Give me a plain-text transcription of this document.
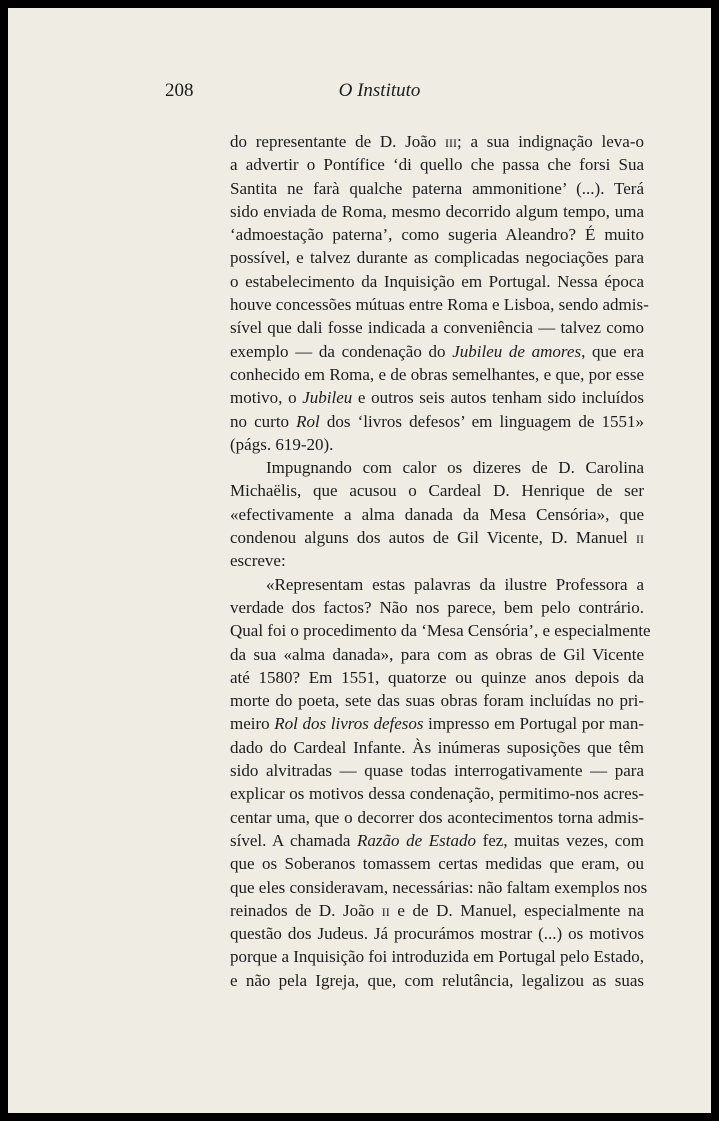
208	O Instituto

do representante de D. João iii; a sua indignação leva-o
a advertir o Pontífice ‘di quello che passa che forsi Sua
Santita ne farà qualche paterna ammonitione’ (...). Terá
sido enviada de Roma, mesmo decorrido algum tempo, uma
‘admoestação paterna’, como sugeria Aleandro? É muito
possível, e talvez durante as complicadas negociações para
o estabelecimento da Inquisição em Portugal. Nessa época
houve concessões mútuas entre Roma e Lisboa, sendo admis-
sível que dali fosse indicada a conveniência — talvez como
exemplo — da condenação do Jubileu de amores, que era
conhecido em Roma, e de obras semelhantes, e que, por esse
motivo, o Jubileu e outros seis autos tenham sido incluídos
no curto Rol dos ‘livros defesos’ em linguagem de 1551»
(págs. 619-20).

Impugnando com calor os dizeres de D. Carolina
Michaëlis, que acusou o Cardeal D. Henrique de ser
«efectivamente a alma danada da Mesa Censória», que
condenou alguns dos autos de Gil Vicente, D. Manuel ii
escreve:

«Representam estas palavras da ilustre Professora a
verdade dos factos? Não nos parece, bem pelo contrário.
Qual foi o procedimento da ‘Mesa Censória’, e especialmente
da sua «alma danada», para com as obras de Gil Vicente
até 1580? Em 1551, quatorze ou quinze anos depois da
morte do poeta, sete das suas obras foram incluídas no pri-
meiro Rol dos livros defesos impresso em Portugal por man-
dado do Cardeal Infante. Às inúmeras suposições que têm
sido alvitradas — quase todas interrogativamente — para
explicar os motivos dessa condenação, permitimo-nos acres-
centar uma, que o decorrer dos acontecimentos torna admis-
sível. A chamada Razão de Estado fez, muitas vezes, com
que os Soberanos tomassem certas medidas que eram, ou
que eles consideravam, necessárias: não faltam exemplos nos
reinados de D. João ii e de D. Manuel, especialmente na
questão dos Judeus. Já procurámos mostrar (...) os motivos
porque a Inquisição foi introduzida em Portugal pelo Estado,
e não pela Igreja, que, com relutância, legalizou as suas
